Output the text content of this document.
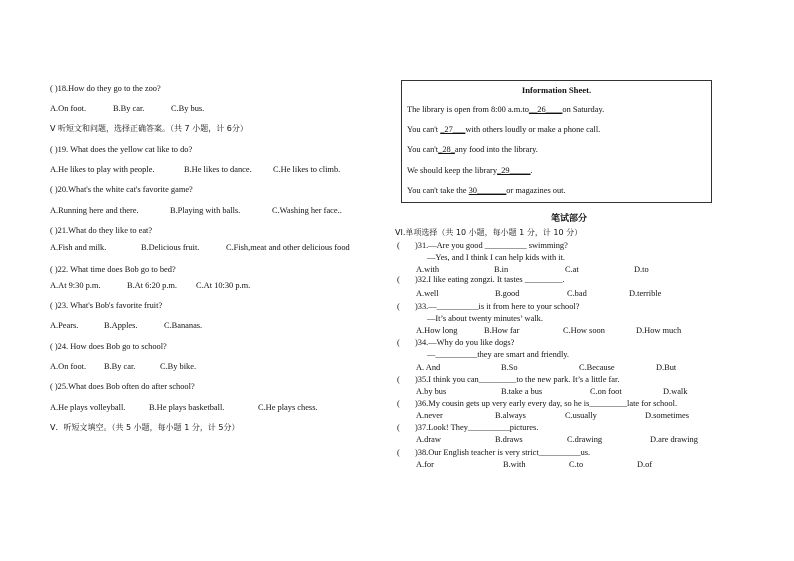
( )18.How do they go to the zoo?
A.On foot.	B.By car.	C.By bus.
V 听短文和问题，选择正确答案。（共 7 小题，计 6分）
( )19. What does the yellow cat like to do?
A.He likes to play with people.	B.He likes to dance.	C.He likes to climb.
( )20.What's the white cat's favorite game?
A.Running here and there.	B.Playing with balls.	C.Washing her face..
( )21.What do they like to eat?
A.Fish and milk.	B.Delicious fruit.	C.Fish,meat and other delicious food
( )22. What time does Bob go to bed?
A.At 9:30 p.m.	B.At 6:20 p.m. C.At 10:30 p.m.
( )23. What's Bob's favorite fruit?
A.Pears.	B.Apples.	C.Bananas.
( )24. How does Bob go to school?
A.On foot. B.By car.	C.By bike.
( )25.What does Bob often do after school?
A.He plays volleyball.	B.He plays basketball.	C.He plays chess.
V．听短文填空。（共 5 小题，每小题 1 分，计 5分）
Information Sheet.
The library is open from 8:00 a.m.to__26____on Saturday.
You can't _27___with others loudly or make a phone call.
You can't_28_any food into the library.
We should keep the library_29_____.
You can't take the 30_______or magazines out.
笔试部分
VI.单项选择（共 10 小题，每小题 1 分，计 10 分）
( )31.—Are you good __________ swimming?
—Yes, and I think I can help kids with it.
A.with	B.in	C.at	D.to
( )32.I like eating zongzi. It tastes _________.
A.well	B.good	C.bad	D.terrible
( )33.—__________is it from here to your school?
—It’s about twenty minutes’ walk.
A.How long	B.How far	C.How soon	D.How much
( )34.—Why do you like dogs?
—__________they are smart and friendly.
A. And	B.So	C.Because	D.But
( )35.I think you can_________to the new park. It’s a little far.
A.by bus	B.take a bus	C.on foot	D.walk
( )36.My cousin gets up very early every day, so he is_________late for school.
A.never	B.always	C.usually	D.sometimes
( )37.Look! They__________pictures.
A.draw	B.draws	C.drawing	D.are drawing
( )38.Our English teacher is very strict__________us.
A.for	B.with	C.to	D.of
